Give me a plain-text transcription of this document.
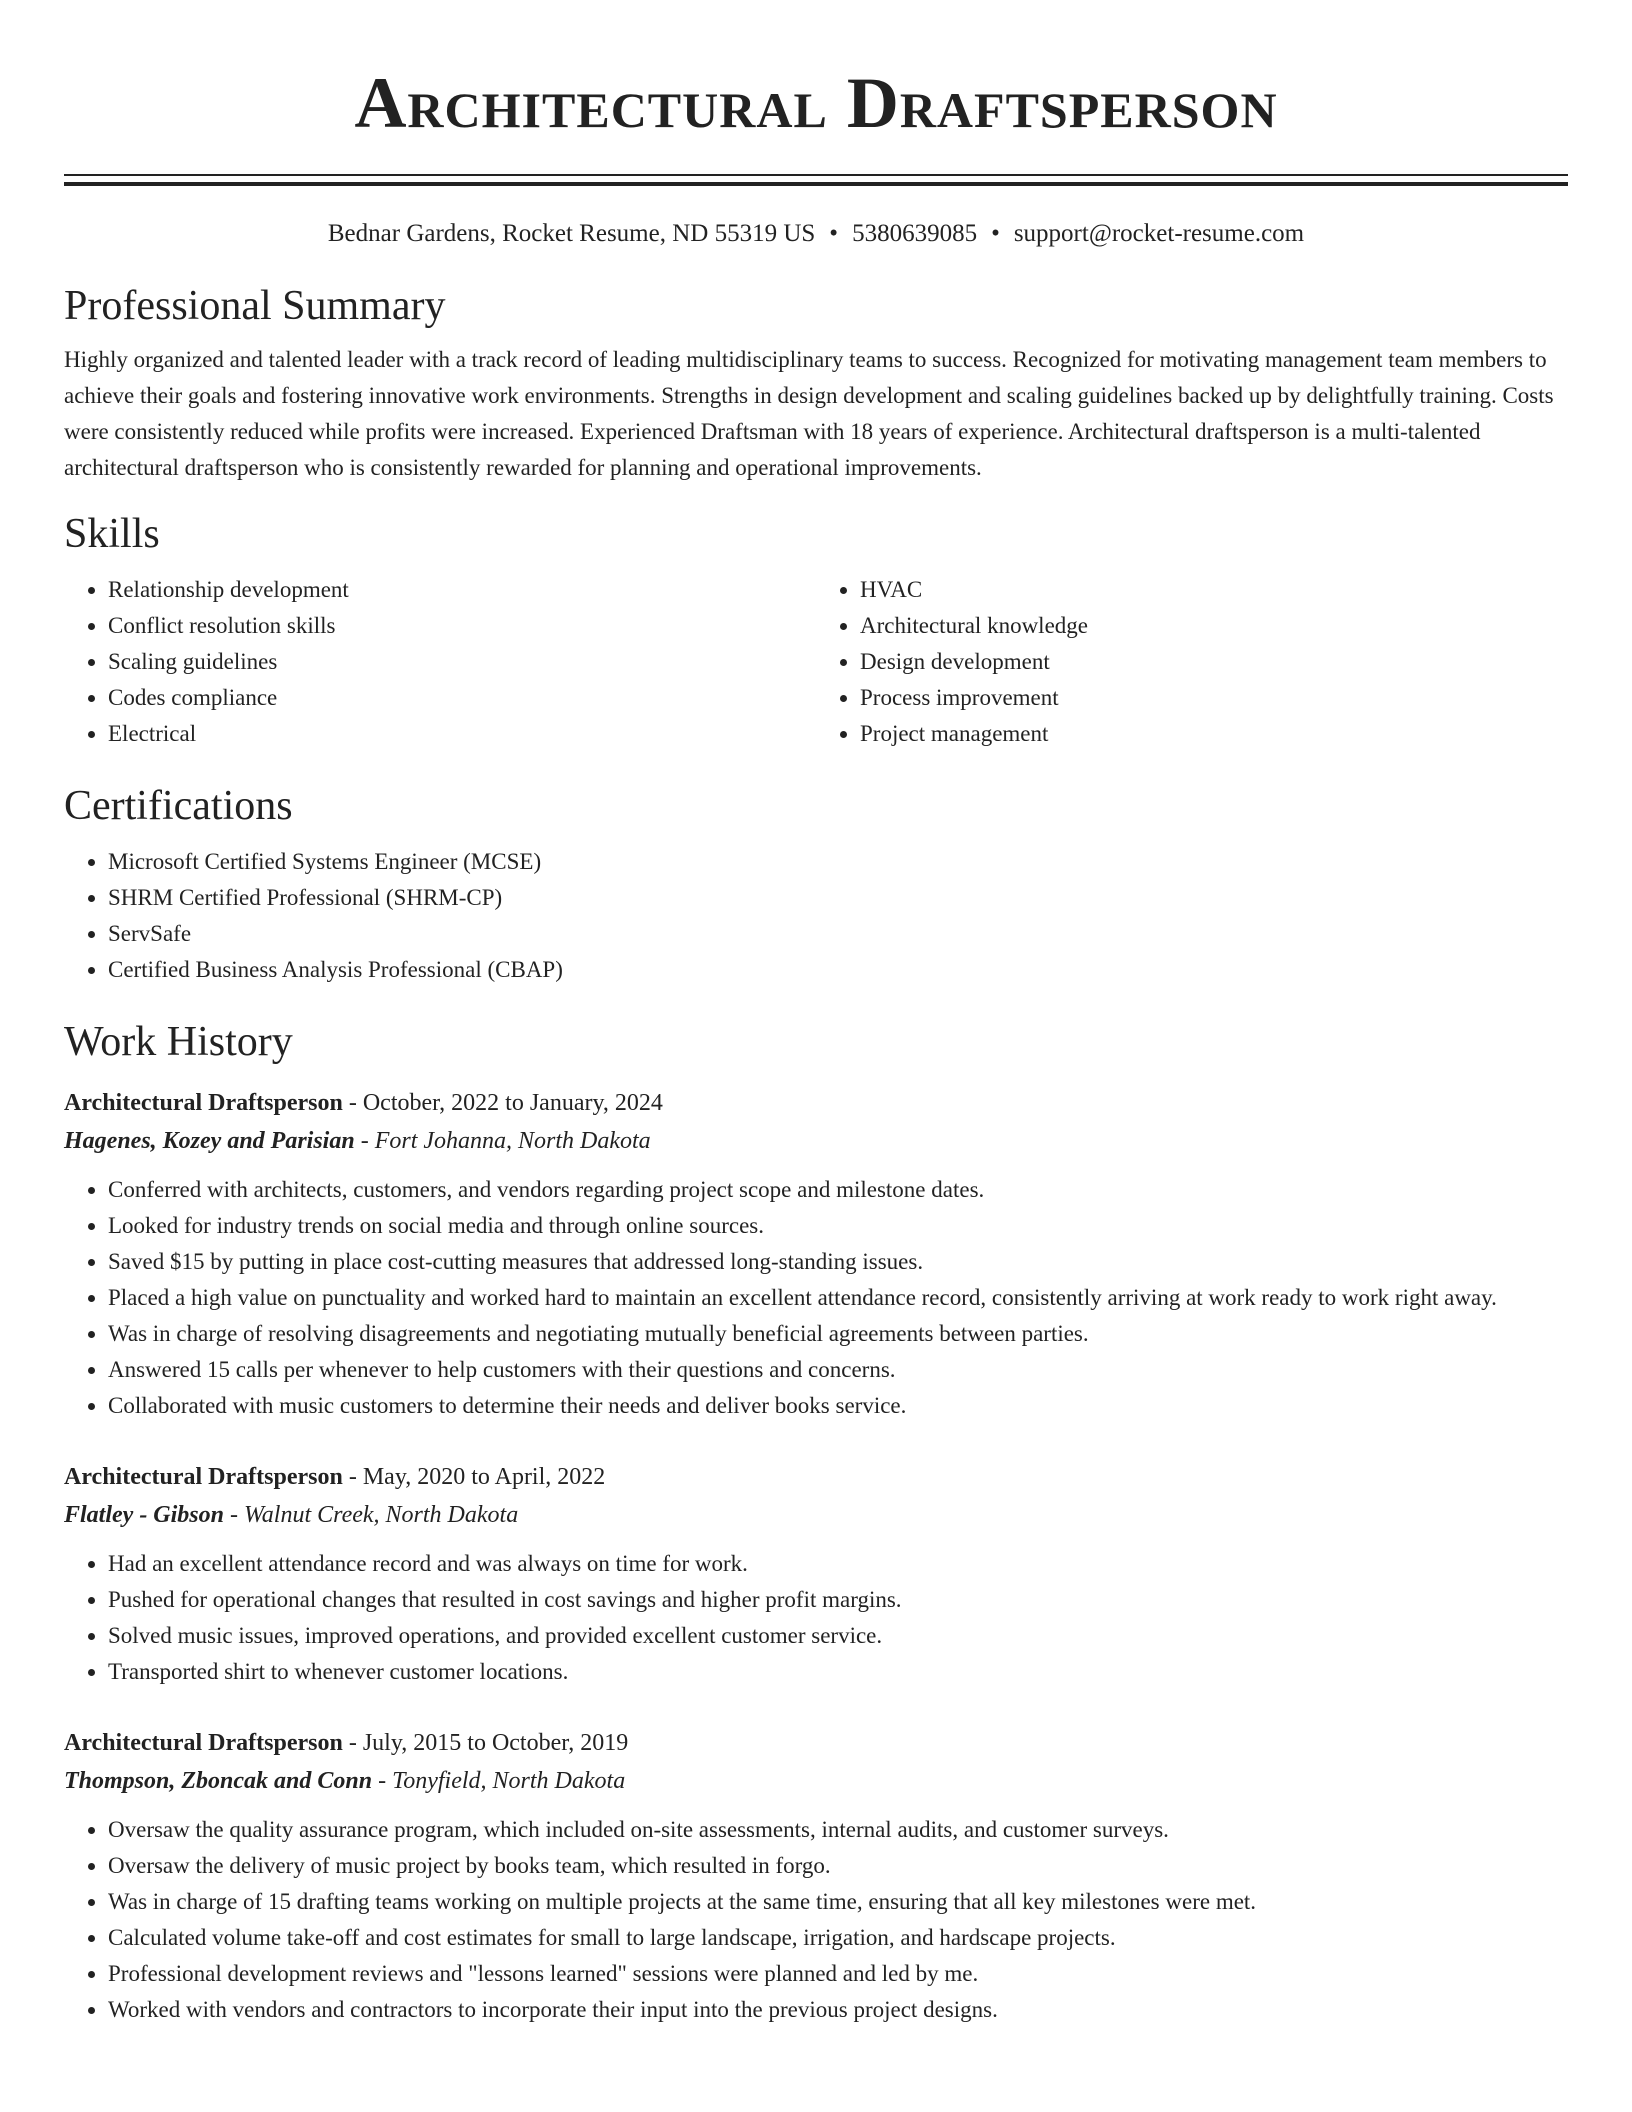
Architectural Draftsperson
Bednar Gardens, Rocket Resume, ND 55319 US • 5380639085 • support@rocket-resume.com
Professional Summary

Highly organized and talented leader with a track record of leading multidisciplinary teams to success. Recognized for motivating management team members to achieve their goals and fostering innovative work environments. Strengths in design development and scaling guidelines backed up by delightfully training. Costs were consistently reduced while profits were increased. Experienced Draftsman with 18 years of experience. Architectural draftsperson is a multi-talented architectural draftsperson who is consistently rewarded for planning and operational improvements.

Skills
• Relationship development
• Conflict resolution skills
• Scaling guidelines
• Codes compliance
• Electrical
• HVAC
• Architectural knowledge
• Design development
• Process improvement
• Project management
Certifications
• Microsoft Certified Systems Engineer (MCSE)
• SHRM Certified Professional (SHRM-CP)
• ServSafe
• Certified Business Analysis Professional (CBAP)
Work History
Architectural Draftsperson - October, 2022 to January, 2024
Hagenes, Kozey and Parisian - Fort Johanna, North Dakota
• Conferred with architects, customers, and vendors regarding project scope and milestone dates.
• Looked for industry trends on social media and through online sources.
• Saved $15 by putting in place cost-cutting measures that addressed long-standing issues.
• Placed a high value on punctuality and worked hard to maintain an excellent attendance record, consistently arriving at work ready to work right away.
• Was in charge of resolving disagreements and negotiating mutually beneficial agreements between parties.
• Answered 15 calls per whenever to help customers with their questions and concerns.
• Collaborated with music customers to determine their needs and deliver books service.
Architectural Draftsperson - May, 2020 to April, 2022
Flatley - Gibson - Walnut Creek, North Dakota
• Had an excellent attendance record and was always on time for work.
• Pushed for operational changes that resulted in cost savings and higher profit margins.
• Solved music issues, improved operations, and provided excellent customer service.
• Transported shirt to whenever customer locations.
Architectural Draftsperson - July, 2015 to October, 2019
Thompson, Zboncak and Conn - Tonyfield, North Dakota
• Oversaw the quality assurance program, which included on-site assessments, internal audits, and customer surveys.
• Oversaw the delivery of music project by books team, which resulted in forgo.
• Was in charge of 15 drafting teams working on multiple projects at the same time, ensuring that all key milestones were met.
• Calculated volume take-off and cost estimates for small to large landscape, irrigation, and hardscape projects.
• Professional development reviews and "lessons learned" sessions were planned and led by me.
• Worked with vendors and contractors to incorporate their input into the previous project designs.
